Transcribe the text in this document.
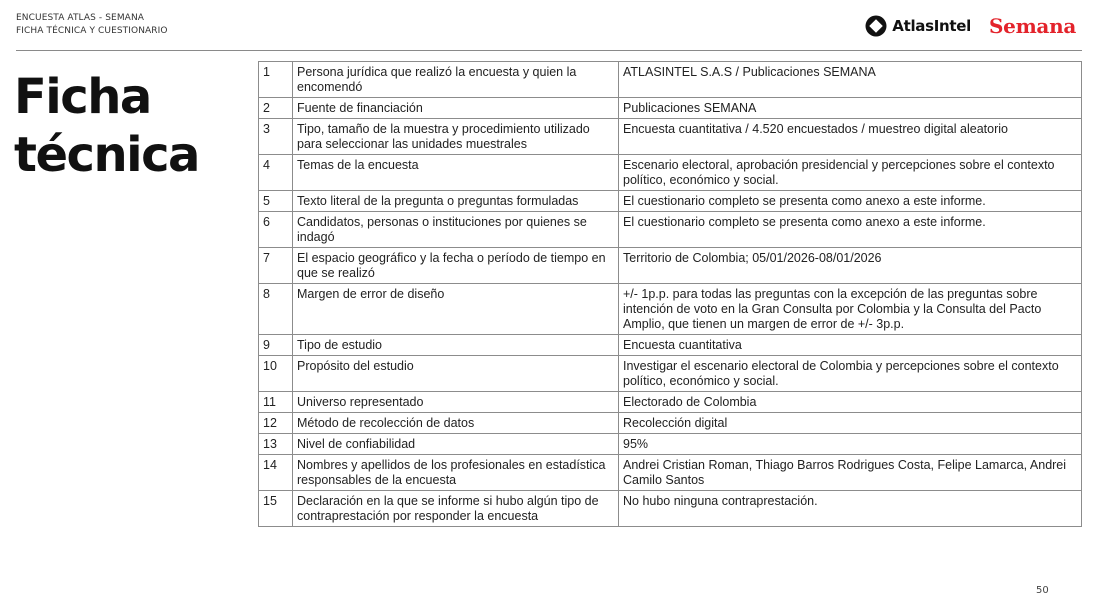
ENCUESTA ATLAS - SEMANA
FICHA TÉCNICA Y CUESTIONARIO	AtlasIntel Semana
Ficha
técnica
1	Persona jurídica que realizó la encuesta y quien la encomendó	ATLASINTEL S.A.S / Publicaciones SEMANA
2	Fuente de financiación	Publicaciones SEMANA
3	Tipo, tamaño de la muestra y procedimiento utilizado para seleccionar las unidades muestrales	Encuesta cuantitativa / 4.520 encuestados / muestreo digital aleatorio
4	Temas de la encuesta	Escenario electoral, aprobación presidencial y percepciones sobre el contexto político, económico y social.
5	Texto literal de la pregunta o preguntas formuladas	El cuestionario completo se presenta como anexo a este informe.
6	Candidatos, personas o instituciones por quienes se indagó	El cuestionario completo se presenta como anexo a este informe.
7	El espacio geográfico y la fecha o período de tiempo en que se realizó	Territorio de Colombia; 05/01/2026-08/01/2026
8	Margen de error de diseño	+/- 1p.p. para todas las preguntas con la excepción de las preguntas sobre intención de voto en la Gran Consulta por Colombia y la Consulta del Pacto Amplio, que tienen un margen de error de +/- 3p.p.
9	Tipo de estudio	Encuesta cuantitativa
10	Propósito del estudio	Investigar el escenario electoral de Colombia y percepciones sobre el contexto político, económico y social.
11	Universo representado	Electorado de Colombia
12	Método de recolección de datos	Recolección digital
13	Nivel de confiabilidad	95%
14	Nombres y apellidos de los profesionales en estadística responsables de la encuesta	Andrei Cristian Roman, Thiago Barros Rodrigues Costa, Felipe Lamarca, Andrei Camilo Santos
15	Declaración en la que se informe si hubo algún tipo de contraprestación por responder la encuesta	No hubo ninguna contraprestación.
50
